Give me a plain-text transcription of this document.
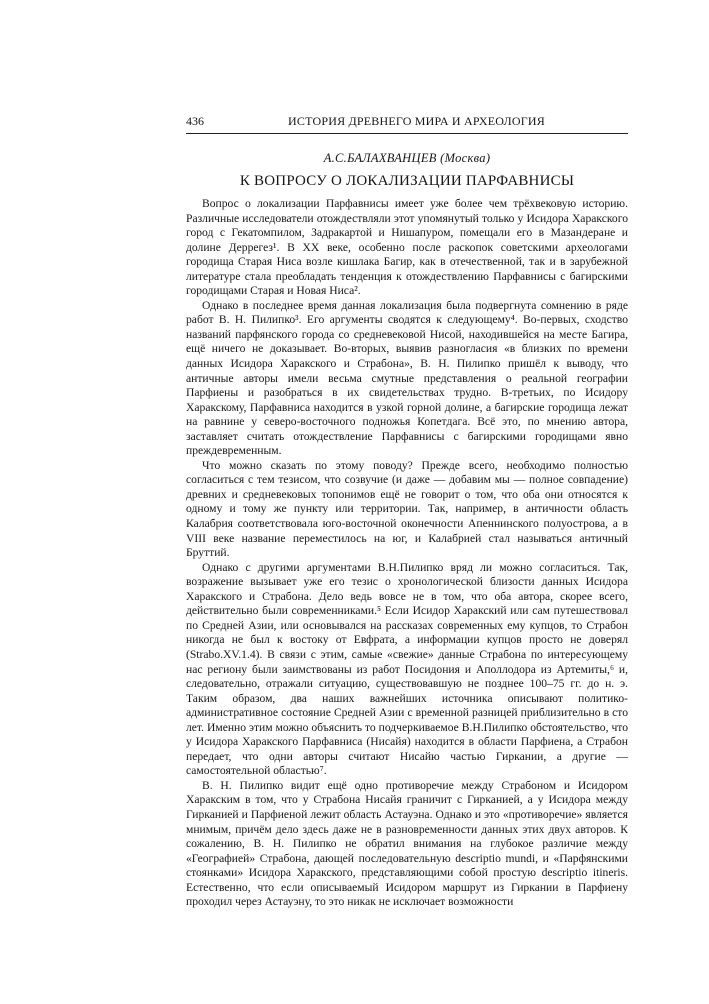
436	ИСТОРИЯ ДРЕВНЕГО МИРА И АРХЕОЛОГИЯ
А.С.БАЛАХВАНЦЕВ (Москва)
К ВОПРОСУ О ЛОКАЛИЗАЦИИ ПАРФАВНИСЫ

Вопрос о локализации Парфавнисы имеет уже более чем трёхвековую историю. Различные исследователи отождествляли этот упомянутый только у Исидора Харакского город с Гекатомпилом, Задракартой и Нишапуром, помещали его в Мазандеране и долине Деррегез¹. В XX веке, особенно после раскопок советскими археологами городища Старая Ниса возле кишлака Багир, как в отечественной, так и в зарубежной литературе стала преобладать тенденция к отождествлению Парфавнисы с багирскими городищами Старая и Новая Ниса².

Однако в последнее время данная локализация была подвергнута сомнению в ряде работ В. Н. Пилипко³. Его аргументы сводятся к следующему⁴. Во-первых, сходство названий парфянского города со средневековой Нисой, находившейся на месте Багира, ещё ничего не доказывает. Во-вторых, выявив разногласия «в близких по времени данных Исидора Харакского и Страбона», В. Н. Пилипко пришёл к выводу, что античные авторы имели весьма смутные представления о реальной географии Парфиены и разобраться в их свидетельствах трудно. В-третьих, по Исидору Харакскому, Парфавниса находится в узкой горной долине, а багирские городища лежат на равнине у северо-восточного подножья Копетдага. Всё это, по мнению автора, заставляет считать отождествление Парфавнисы с багирскими городищами явно преждевременным.

Что можно сказать по этому поводу? Прежде всего, необходимо полностью согласиться с тем тезисом, что созвучие (и даже — добавим мы — полное совпадение) древних и средневековых топонимов ещё не говорит о том, что оба они относятся к одному и тому же пункту или территории. Так, например, в античности область Калабрия соответствовала юго-восточной оконечности Апеннинского полуострова, а в VIII веке название переместилось на юг, и Калабрией стал называться античный Бруттий.

Однако с другими аргументами В.Н.Пилипко вряд ли можно согласиться. Так, возражение вызывает уже его тезис о хронологической близости данных Исидора Харакского и Страбона. Дело ведь вовсе не в том, что оба автора, скорее всего, действительно были современниками.⁵ Если Исидор Харакский или сам путешествовал по Средней Азии, или основывался на рассказах современных ему купцов, то Страбон никогда не был к востоку от Евфрата, а информации купцов просто не доверял (Strabo.XV.1.4). В связи с этим, самые «свежие» данные Страбона по интересующему нас региону были заимствованы из работ Посидония и Аполлодора из Артемиты,⁶ и, следовательно, отражали ситуацию, существовавшую не позднее 100–75 гг. до н. э. Таким образом, два наших важнейших источника описывают политико-административное состояние Средней Азии с временной разницей приблизительно в сто лет. Именно этим можно объяснить то подчеркиваемое В.Н.Пилипко обстоятельство, что у Исидора Харакского Парфавниса (Нисайя) находится в области Парфиена, а Страбон передает, что одни авторы считают Нисайю частью Гиркании, а другие — самостоятельной областью⁷.

В. Н. Пилипко видит ещё одно противоречие между Страбоном и Исидором Харакским в том, что у Страбона Нисайя граничит с Гирканией, а у Исидора между Гирканией и Парфиеной лежит область Астауэна. Однако и это «противоречие» является мнимым, причём дело здесь даже не в разновременности данных этих двух авторов. К сожалению, В. Н. Пилипко не обратил внимания на глубокое различие между «Географией» Страбона, дающей последовательную descriptio mundi, и «Парфянскими стоянками» Исидора Харакского, представляющими собой простую descriptio itineris. Естественно, что если описываемый Исидором маршрут из Гиркании в Парфиену проходил через Астауэну, то это никак не исключает возможности
